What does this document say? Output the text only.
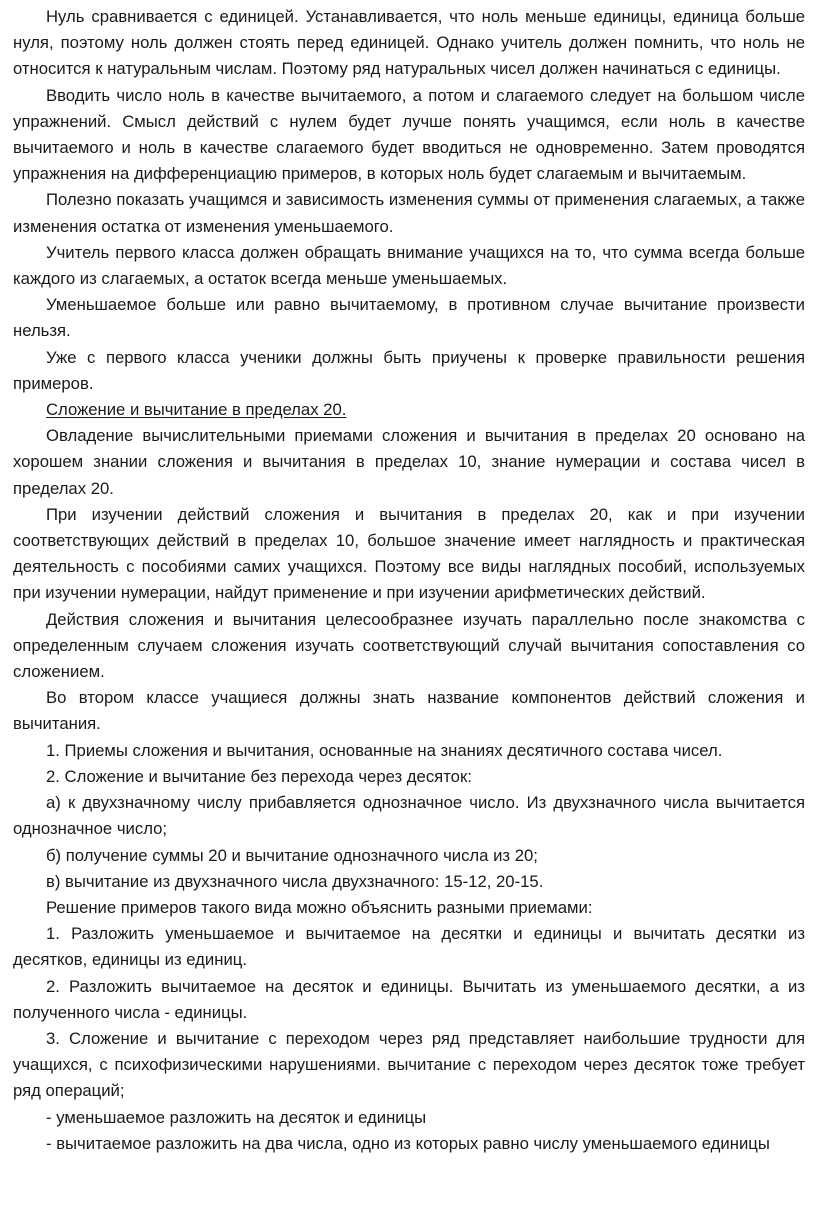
Нуль сравнивается с единицей. Устанавливается, что ноль меньше единицы, единица больше нуля, поэтому ноль должен стоять перед единицей. Однако учитель должен помнить, что ноль не относится к натуральным числам. Поэтому ряд натуральных чисел должен начинаться с единицы.

Вводить число ноль в качестве вычитаемого, а потом и слагаемого следует на большом числе упражнений. Смысл действий с нулем будет лучше понять учащимся, если ноль в качестве вычитаемого и ноль в качестве слагаемого будет вводиться не одновременно. Затем проводятся упражнения на дифференциацию примеров, в которых ноль будет слагаемым и вычитаемым.

Полезно показать учащимся и зависимость изменения суммы от применения слагаемых, а также изменения остатка от изменения уменьшаемого.

Учитель первого класса должен обращать внимание учащихся на то, что сумма всегда больше каждого из слагаемых, а остаток всегда меньше уменьшаемых.

Уменьшаемое больше или равно вычитаемому, в противном случае вычитание произвести нельзя.

Уже с первого класса ученики должны быть приучены к проверке правильности решения примеров.

Сложение и вычитание в пределах 20.

Овладение вычислительными приемами сложения и вычитания в пределах 20 основано на хорошем знании сложения и вычитания в пределах 10, знание нумерации и состава чисел в пределах 20.

При изучении действий сложения и вычитания в пределах 20, как и при изучении соответствующих действий в пределах 10, большое значение имеет наглядность и практическая деятельность с пособиями самих учащихся. Поэтому все виды наглядных пособий, используемых при изучении нумерации, найдут применение и при изучении арифметических действий.

Действия сложения и вычитания целесообразнее изучать параллельно после знакомства с определенным случаем сложения изучать соответствующий случай вычитания сопоставления со сложением.

Во втором классе учащиеся должны знать название компонентов действий сложения и вычитания.

1. Приемы сложения и вычитания, основанные на знаниях десятичного состава чисел.

2. Сложение и вычитание без перехода через десяток:

а) к двухзначному числу прибавляется однозначное число. Из двухзначного числа вычитается однозначное число;

б) получение суммы 20 и вычитание однозначного числа из 20;

в) вычитание из двухзначного числа двухзначного: 15-12, 20-15.

Решение примеров такого вида можно объяснить разными приемами:

1. Разложить уменьшаемое и вычитаемое на десятки и единицы и вычитать десятки из десятков, единицы из единиц.

2. Разложить вычитаемое на десяток и единицы. Вычитать из уменьшаемого десятки, а из полученного числа - единицы.

3. Сложение и вычитание с переходом через ряд представляет наибольшие трудности для учащихся, с психофизическими нарушениями. вычитание с переходом через десяток тоже требует ряд операций;

- уменьшаемое разложить на десяток и единицы

- вычитаемое разложить на два числа, одно из которых равно числу уменьшаемого единицы
